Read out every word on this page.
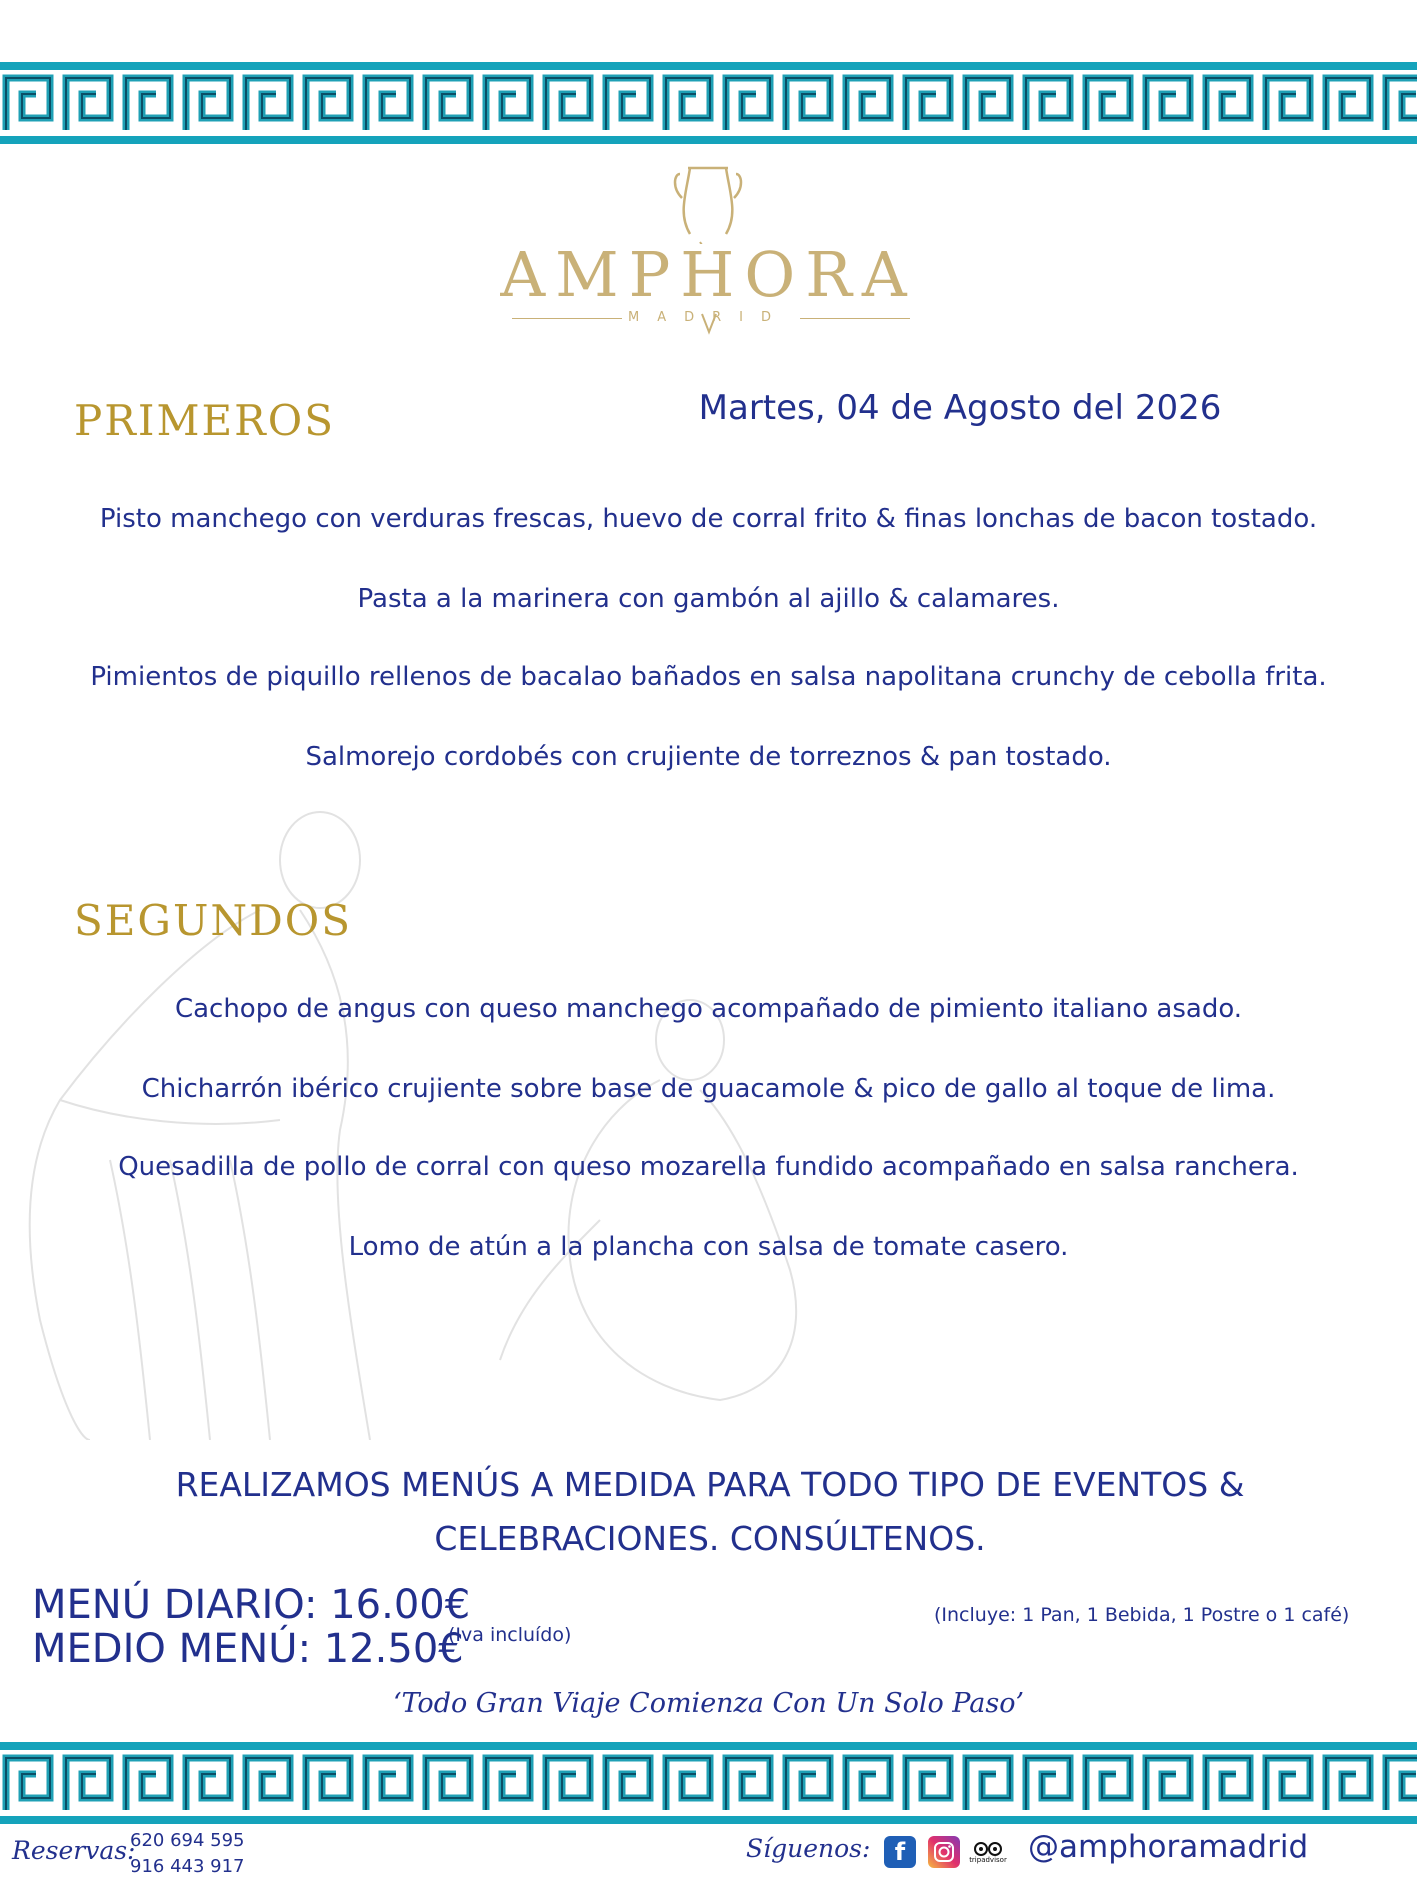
AMPHORA
MADRID
PRIMEROS	Martes, 04 de Agosto del 2026
Pisto manchego con verduras frescas, huevo de corral frito & finas lonchas de bacon tostado.
Pasta a la marinera con gambón al ajillo & calamares.
Pimientos de piquillo rellenos de bacalao bañados en salsa napolitana crunchy de cebolla frita.
Salmorejo cordobés con crujiente de torreznos & pan tostado.
SEGUNDOS
Cachopo de angus con queso manchego acompañado de pimiento italiano asado.
Chicharrón ibérico crujiente sobre base de guacamole & pico de gallo al toque de lima.
Quesadilla de pollo de corral con queso mozarella fundido acompañado en salsa ranchera.
Lomo de atún a la plancha con salsa de tomate casero.
REALIZAMOS MENÚS A MEDIDA PARA TODO TIPO DE EVENTOS &
CELEBRACIONES. CONSÚLTENOS.
MENÚ DIARIO: 16.00€
MEDIO MENÚ: 12.50€
(Iva incluído)
(Incluye: 1 Pan, 1 Bebida, 1 Postre o 1 café)
‘Todo Gran Viaje Comienza Con Un Solo Paso’
Reservas:
620 694 595
916 443 917
Síguenos: f	tripadvisor @amphoramadrid
